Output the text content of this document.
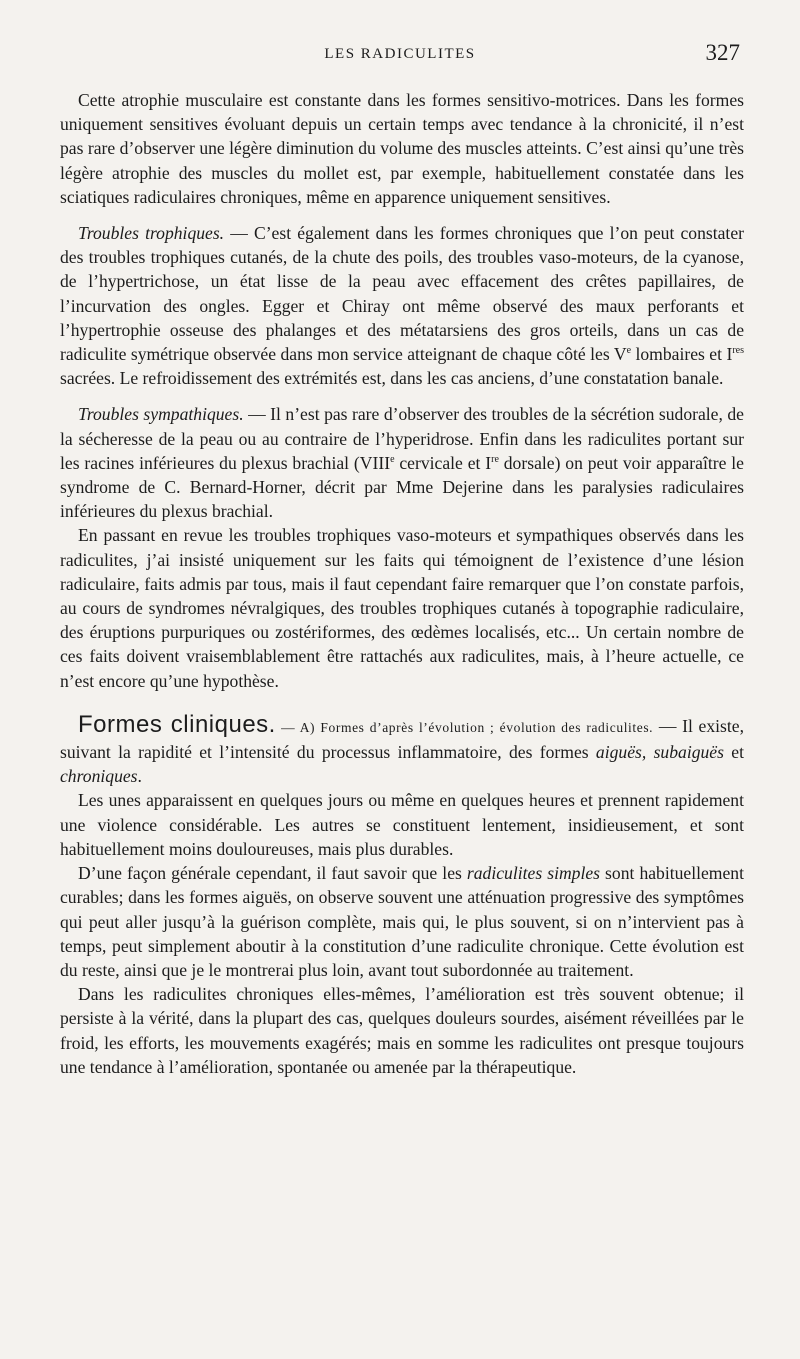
LES RADICULITES	327

Cette atrophie musculaire est constante dans les formes sensitivo-motrices. Dans les formes uniquement sensitives évoluant depuis un certain temps avec tendance à la chronicité, il n’est pas rare d’observer une légère diminution du volume des muscles atteints. C’est ainsi qu’une très légère atrophie des muscles du mollet est, par exemple, habituellement constatée dans les sciatiques radiculaires chroniques, même en apparence uniquement sensitives.

Troubles trophiques. — C’est également dans les formes chroniques que l’on peut constater des troubles trophiques cutanés, de la chute des poils, des troubles vaso-moteurs, de la cyanose, de l’hypertrichose, un état lisse de la peau avec effacement des crêtes papillaires, de l’incurvation des ongles. Egger et Chiray ont même observé des maux perforants et l’hypertrophie osseuse des phalanges et des métatarsiens des gros orteils, dans un cas de radiculite symétrique observée dans mon service atteignant de chaque côté les Ve lombaires et Ires sacrées. Le refroidissement des extrémités est, dans les cas anciens, d’une constatation banale.

Troubles sympathiques. — Il n’est pas rare d’observer des troubles de la sécrétion sudorale, de la sécheresse de la peau ou au contraire de l’hyperidrose. Enfin dans les radiculites portant sur les racines inférieures du plexus brachial (VIIIe cervicale et Ire dorsale) on peut voir apparaître le syndrome de C. Bernard-Horner, décrit par Mme Dejerine dans les paralysies radiculaires inférieures du plexus brachial.

En passant en revue les troubles trophiques vaso-moteurs et sympathiques observés dans les radiculites, j’ai insisté uniquement sur les faits qui témoignent de l’existence d’une lésion radiculaire, faits admis par tous, mais il faut cependant faire remarquer que l’on constate parfois, au cours de syndromes névralgiques, des troubles trophiques cutanés à topographie radiculaire, des éruptions purpuriques ou zostériformes, des œdèmes localisés, etc... Un certain nombre de ces faits doivent vraisemblablement être rattachés aux radiculites, mais, à l’heure actuelle, ce n’est encore qu’une hypothèse.

Formes cliniques. — A) Formes d’après l’évolution ; évolution des radiculites. — Il existe, suivant la rapidité et l’intensité du processus inflammatoire, des formes aiguës, subaiguës et chroniques.

Les unes apparaissent en quelques jours ou même en quelques heures et prennent rapidement une violence considérable. Les autres se constituent lentement, insidieusement, et sont habituellement moins douloureuses, mais plus durables.

D’une façon générale cependant, il faut savoir que les radiculites simples sont habituellement curables; dans les formes aiguës, on observe souvent une atténuation progressive des symptômes qui peut aller jusqu’à la guérison complète, mais qui, le plus souvent, si on n’intervient pas à temps, peut simplement aboutir à la constitution d’une radiculite chronique. Cette évolution est du reste, ainsi que je le montrerai plus loin, avant tout subordonnée au traitement.

Dans les radiculites chroniques elles-mêmes, l’amélioration est très souvent obtenue; il persiste à la vérité, dans la plupart des cas, quelques douleurs sourdes, aisément réveillées par le froid, les efforts, les mouvements exagérés; mais en somme les radiculites ont presque toujours une tendance à l’amélioration, spontanée ou amenée par la thérapeutique.
